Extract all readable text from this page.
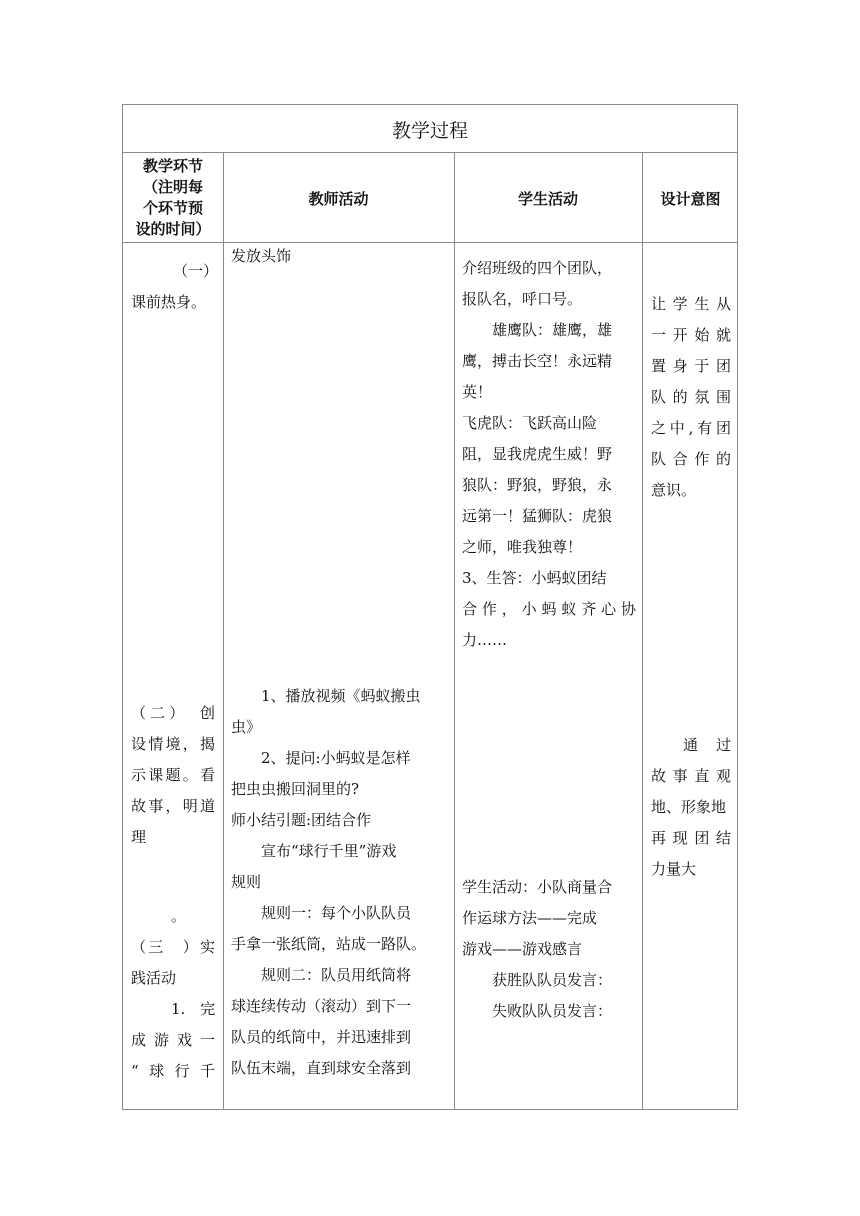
教学过程
教学环节
（注明每
个环节预
设的时间）
教师活动	学生活动	设计意图
（一）
课前热身。
（二）　创
设情境，揭
示课题。看
故事，明道
理
。
（三　）实
践活动
1.　完
成游戏一
“球行千
发放头饰
1、播放视频《蚂蚁搬虫
虫》
2、提问:小蚂蚁是怎样
把虫虫搬回洞里的?
师小结引题:团结合作
宣布“球行千里”游戏
规则
规则一：每个小队队员
手拿一张纸筒，站成一路队。
规则二：队员用纸筒将
球连续传动（滚动）到下一
队员的纸筒中，并迅速排到
队伍末端，直到球安全落到
介绍班级的四个团队，
报队名，呼口号。
雄鹰队：雄鹰，雄
鹰，搏击长空！永远精
英！
飞虎队：飞跃高山险
阻，显我虎虎生威！野
狼队：野狼，野狼，永
远第一！猛狮队：虎狼
之师，唯我独尊！
3、生答：小蚂蚁团结
合作，小蚂蚁齐心协
力……
学生活动：小队商量合
作运球方法——完成
游戏——游戏感言
获胜队队员发言：
失败队队员发言：
让学生从
一开始就
置身于团
队的氛围
之中,有团
队合作的
意识。
通　过
故事直观
地、形象地
再现团结
力量大
